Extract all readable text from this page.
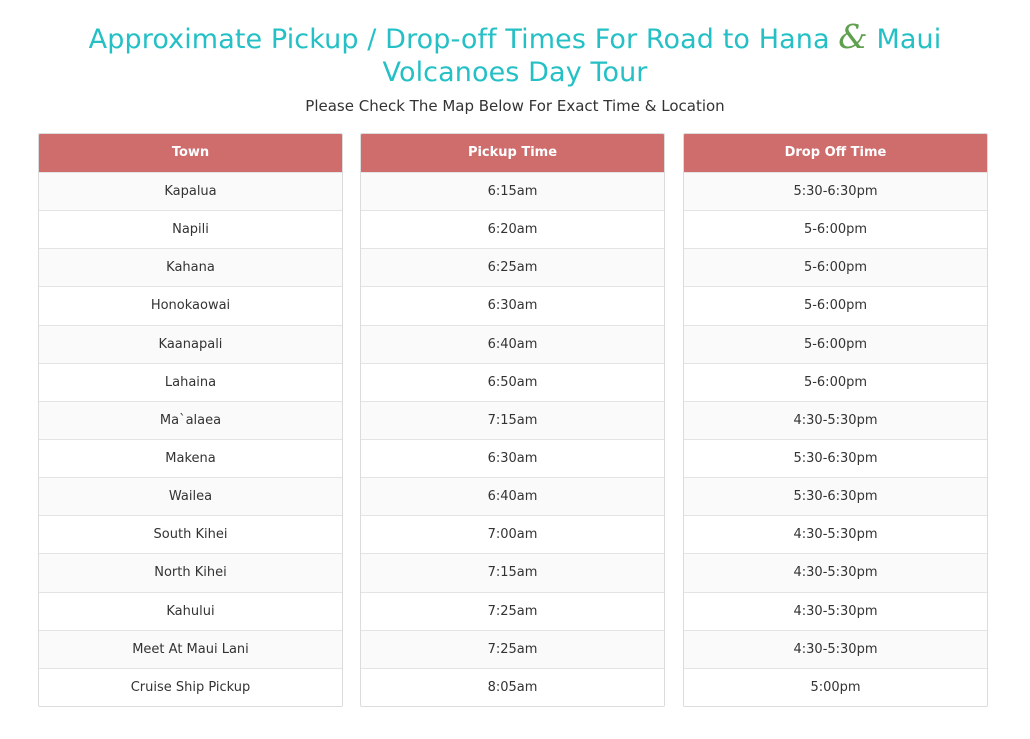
Approximate Pickup / Drop-off Times For Road to Hana & Maui Volcanoes Day Tour

Please Check The Map Below For Exact Time & Location

Town
Kapalua
Napili
Kahana
Honokaowai
Kaanapali
Lahaina
Ma`alaea
Makena
Wailea
South Kihei
North Kihei
Kahului
Meet At Maui Lani
Cruise Ship Pickup
Pickup Time
6:15am
6:20am
6:25am
6:30am
6:40am
6:50am
7:15am
6:30am
6:40am
7:00am
7:15am
7:25am
7:25am
8:05am
Drop Off Time
5:30-6:30pm
5-6:00pm
5-6:00pm
5-6:00pm
5-6:00pm
5-6:00pm
4:30-5:30pm
5:30-6:30pm
5:30-6:30pm
4:30-5:30pm
4:30-5:30pm
4:30-5:30pm
4:30-5:30pm
5:00pm
